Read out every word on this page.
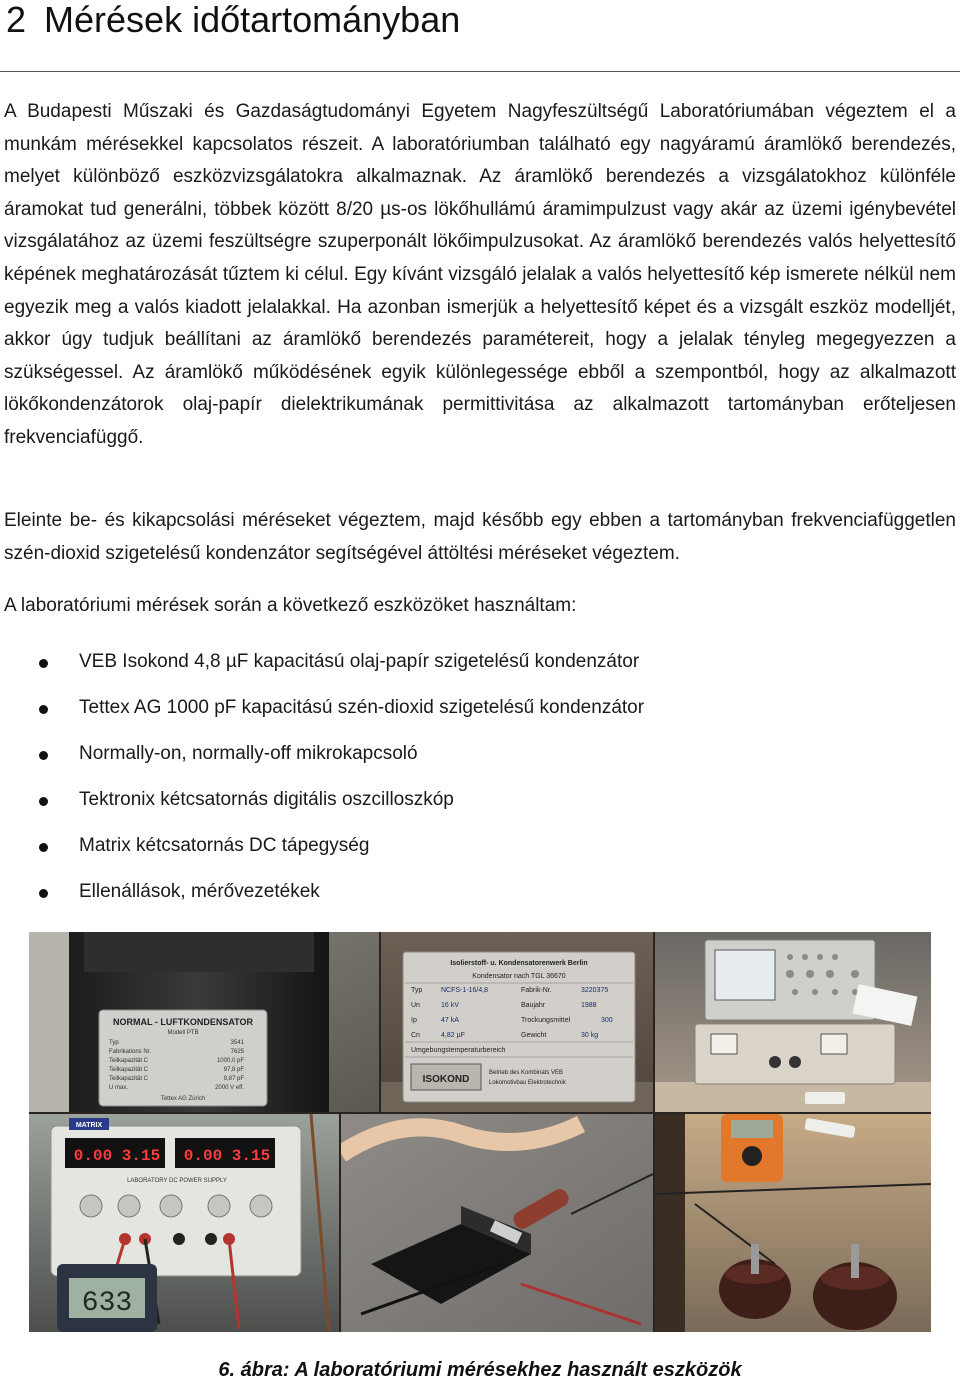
2 Mérések időtartományban

A Budapesti Műszaki és Gazdaságtudományi Egyetem Nagyfeszültségű Laboratóriumában végeztem el a munkám mérésekkel kapcsolatos részeit. A laboratóriumban található egy nagyáramú áramlökő berendezés, melyet különböző eszközvizsgálatokra alkalmaznak. Az áramlökő berendezés a vizsgálatokhoz különféle áramokat tud generálni, többek között 8/20 µs-os lökőhullámú áramimpulzust vagy akár az üzemi igénybevétel vizsgálatához az üzemi feszültségre szuperponált lökőimpulzusokat. Az áramlökő berendezés valós helyettesítő képének meghatározását tűztem ki célul. Egy kívánt vizsgáló jelalak a valós helyettesítő kép ismerete nélkül nem egyezik meg a valós kiadott jelalakkal. Ha azonban ismerjük a helyettesítő képet és a vizsgált eszköz modelljét, akkor úgy tudjuk beállítani az áramlökő berendezés paramétereit, hogy a jelalak tényleg megegyezzen a szükségessel. Az áramlökő működésének egyik különlegessége ebből a szempontból, hogy az alkalmazott lökőkondenzátorok olaj-papír dielektrikumának permittivitása az alkalmazott tartományban erőteljesen frekvenciafüggő.

Eleinte be- és kikapcsolási méréseket végeztem, majd később egy ebben a tartományban frekvenciafüggetlen szén-dioxid szigetelésű kondenzátor segítségével áttöltési méréseket végeztem.

A laboratóriumi mérések során a következő eszközöket használtam:

VEB Isokond 4,8 µF kapacitású olaj-papír szigetelésű kondenzátor
Tettex AG 1000 pF kapacitású szén-dioxid szigetelésű kondenzátor
Normally-on, normally-off mikrokapcsoló
Tektronix kétcsatornás digitális oszcilloszkóp
Matrix kétcsatornás DC tápegység
Ellenállások, mérővezetékek
NORMAL - LUFTKONDENSATOR
Modell PTB
Typ	3541
Fabrikations Nr.	7625
Teilkapazität C	1000,0 pF
Teilkapazität C	97,8 pF
Teilkapazität C	9,87 pF
U max.	2000 V eff.
Tettex AG Zürich
Isolierstoff- u. Kondensatorenwerk Berlin
Kondensator nach TGL 36670
Typ	NCFS-1-16/4,8	Fabrik-Nr.	3220375
Un	16 kV	Baujahr	1988
Ip	47 kA	Trockungsmittel	300
Cn	4,82 µF	Gewicht	30 kg
Umgebungstemperaturbereich
ISOKOND
Betrieb des Kombinats VEB
Lokomotivbau Elektrotechnik
MATRIX
0.00 3.15 0.00 3.15
LABORATORY DC POWER SUPPLY
633
6. ábra: A laboratóriumi mérésekhez használt eszközök
